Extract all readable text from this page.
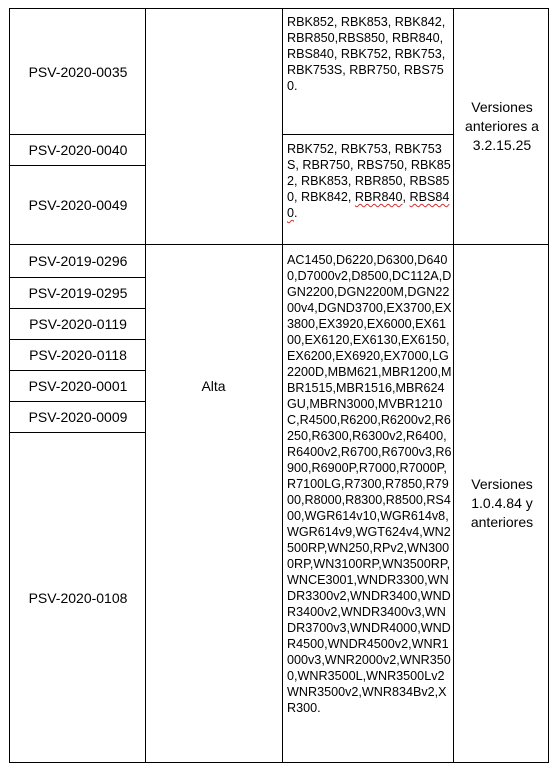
PSV-2020-0035
PSV-2020-0040
PSV-2020-0049
PSV-2019-0296
PSV-2019-0295
PSV-2020-0119
PSV-2020-0118
PSV-2020-0001
PSV-2020-0009
PSV-2020-0108
Alta
RBK852, RBK853, RBK842, RBR850,RBS850, RBR840, RBS840, RBK752, RBK753, RBK753S, RBR750, RBS750.
RBK752, RBK753, RBK753S, RBR750, RBS750, RBK852, RBK853, RBR850, RBS850, RBK842, RBR840, RBS840.
AC1450,D6220,D6300,D6400,D7000v2,D8500,DC112A,DGN2200,DGN2200M,DGN2200v4,DGND3700,EX3700,EX3800,EX3920,EX6000,EX6100,EX6120,EX6130,EX6150,EX6200,EX6920,EX7000,LG2200D,MBM621,MBR1200,MBR1515,MBR1516,MBR624GU,MBRN3000,MVBR1210C,R4500,R6200,R6200v2,R6250,R6300,R6300v2,R6400,R6400v2,R6700,R6700v3,R6900,R6900P,R7000,R7000P,R7100LG,R7300,R7850,R7900,R8000,R8300,R8500,RS400,WGR614v10,WGR614v8,WGR614v9,WGT624v4,WN2500RP,WN250,RPv2,WN3000RP,WN3100RP,WN3500RP,WNCE3001,WNDR3300,WNDR3300v2,WNDR3400,WNDR3400v2,WNDR3400v3,WNDR3700v3,WNDR4000,WNDR4500,WNDR4500v2,WNR1000v3,WNR2000v2,WNR3500,WNR3500L,WNR3500Lv2WNR3500v2,WNR834Bv2,XR300.
Versiones anteriores a 3.2.15.25
Versiones 1.0.4.84 y anteriores
